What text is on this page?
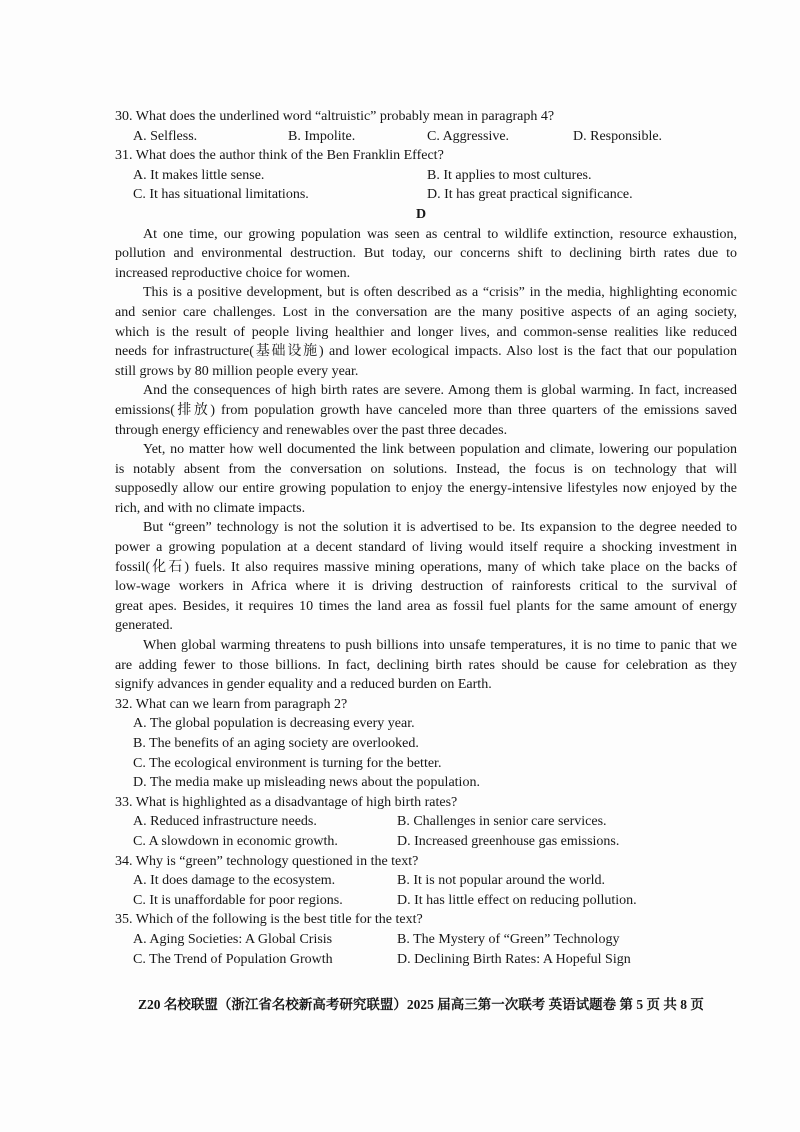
30. What does the underlined word “altruistic” probably mean in paragraph 4?
A. Selfless.	B. Impolite.	C. Aggressive.	D. Responsible.
31. What does the author think of the Ben Franklin Effect?
A. It makes little sense.	B. It applies to most cultures.
C. It has situational limitations.	D. It has great practical significance.
D
At one time, our growing population was seen as central to wildlife extinction, resource exhaustion,
pollution and environmental destruction. But today, our concerns shift to declining birth rates due to
increased reproductive choice for women.
This is a positive development, but is often described as a “crisis” in the media, highlighting economic
and senior care challenges. Lost in the conversation are the many positive aspects of an aging society,
which is the result of people living healthier and longer lives, and common-sense realities like reduced
needs for infrastructure(基础设施) and lower ecological impacts. Also lost is the fact that our population
still grows by 80 million people every year.
And the consequences of high birth rates are severe. Among them is global warming. In fact, increased
emissions(排放) from population growth have canceled more than three quarters of the emissions saved
through energy efficiency and renewables over the past three decades.
Yet, no matter how well documented the link between population and climate, lowering our population
is notably absent from the conversation on solutions. Instead, the focus is on technology that will
supposedly allow our entire growing population to enjoy the energy-intensive lifestyles now enjoyed by the
rich, and with no climate impacts.
But “green” technology is not the solution it is advertised to be. Its expansion to the degree needed to
power a growing population at a decent standard of living would itself require a shocking investment in
fossil(化石) fuels. It also requires massive mining operations, many of which take place on the backs of
low-wage workers in Africa where it is driving destruction of rainforests critical to the survival of
great apes. Besides, it requires 10 times the land area as fossil fuel plants for the same amount of energy
generated.
When global warming threatens to push billions into unsafe temperatures, it is no time to panic that we
are adding fewer to those billions. In fact, declining birth rates should be cause for celebration as they
signify advances in gender equality and a reduced burden on Earth.
32. What can we learn from paragraph 2?
A. The global population is decreasing every year.
B. The benefits of an aging society are overlooked.
C. The ecological environment is turning for the better.
D. The media make up misleading news about the population.
33. What is highlighted as a disadvantage of high birth rates?
A. Reduced infrastructure needs.	B. Challenges in senior care services.
C. A slowdown in economic growth.	D. Increased greenhouse gas emissions.
34. Why is “green” technology questioned in the text?
A. It does damage to the ecosystem.	B. It is not popular around the world.
C. It is unaffordable for poor regions.	D. It has little effect on reducing pollution.
35. Which of the following is the best title for the text?
A. Aging Societies: A Global Crisis	B. The Mystery of “Green” Technology
C. The Trend of Population Growth	D. Declining Birth Rates: A Hopeful Sign
Z20 名校联盟（浙江省名校新高考研究联盟）2025 届高三第一次联考 英语试题卷 第 5 页 共 8 页
